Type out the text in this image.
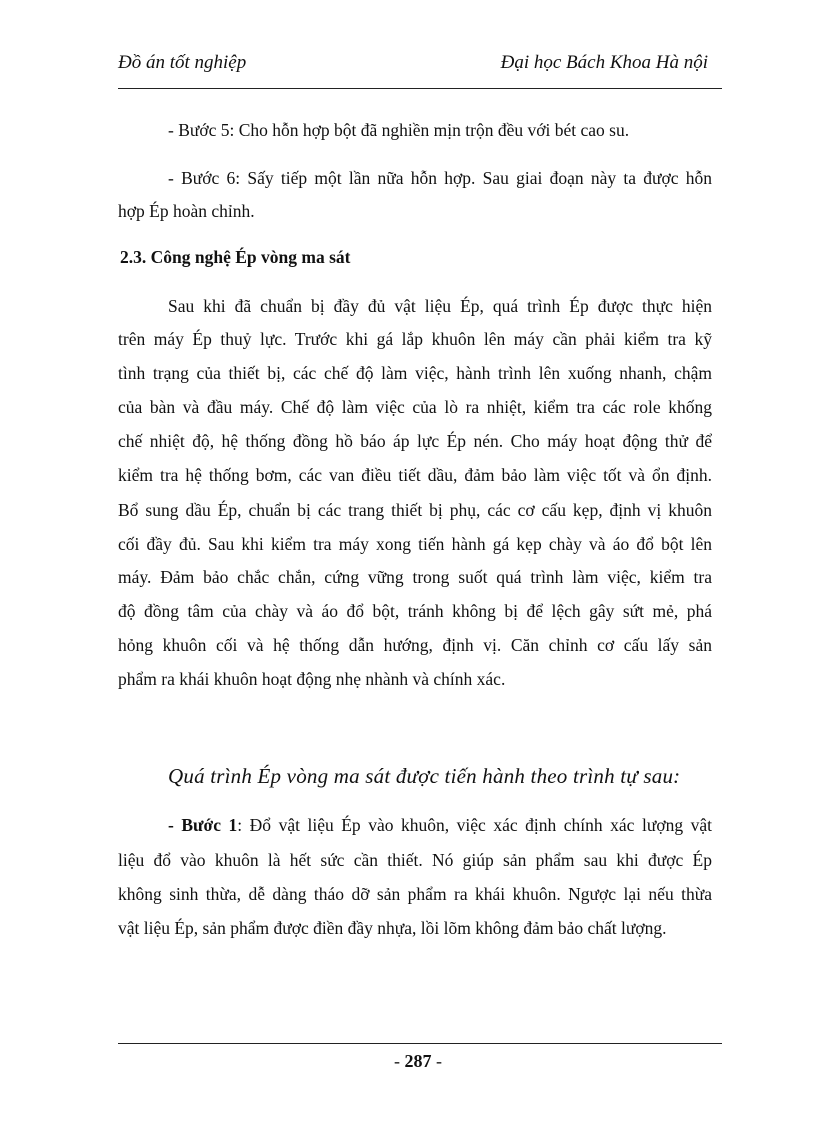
Đồ án tốt nghiệp	Đại học Bách Khoa Hà nội
- Bước 5: Cho hỗn hợp bột đã nghiền mịn trộn đều với bét cao su.
- Bước 6: Sấy tiếp một lần nữa hỗn hợp. Sau giai đoạn này ta được hỗn
hợp Ép hoàn chỉnh.
2.3. Công nghệ Ép vòng ma sát
Sau khi đã chuẩn bị đầy đủ vật liệu Ép, quá trình Ép được thực hiện
trên máy Ép thuỷ lực. Trước khi gá lắp khuôn lên máy cần phải kiểm tra kỹ
tình trạng của thiết bị, các chế độ làm việc, hành trình lên xuống nhanh, chậm
của bàn và đầu máy. Chế độ làm việc của lò ra nhiệt, kiểm tra các role khống
chế nhiệt độ, hệ thống đồng hồ báo áp lực Ép nén. Cho máy hoạt động thử để
kiểm tra hệ thống bơm, các van điều tiết dầu, đảm bảo làm việc tốt và ổn định.
Bổ sung dầu Ép, chuẩn bị các trang thiết bị phụ, các cơ cấu kẹp, định vị khuôn
cối đầy đủ. Sau khi kiểm tra máy xong tiến hành gá kẹp chày và áo đổ bột lên
máy. Đảm bảo chắc chắn, cứng vững trong suốt quá trình làm việc, kiểm tra
độ đồng tâm của chày và áo đổ bột, tránh không bị để lệch gây sứt mẻ, phá
hỏng khuôn cối và hệ thống dẫn hướng, định vị. Căn chỉnh cơ cấu lấy sản
phẩm ra khái khuôn hoạt động nhẹ nhành và chính xác.
Quá trình Ép vòng ma sát được tiến hành theo trình tự sau:
- Bước 1: Đổ vật liệu Ép vào khuôn, việc xác định chính xác lượng vật
liệu đổ vào khuôn là hết sức cần thiết. Nó giúp sản phẩm sau khi được Ép
không sinh thừa, dễ dàng tháo dỡ sản phẩm ra khái khuôn. Ngược lại nếu thừa
vật liệu Ép, sản phẩm được điền đầy nhựa, lồi lõm không đảm bảo chất lượng.
- 287 -
